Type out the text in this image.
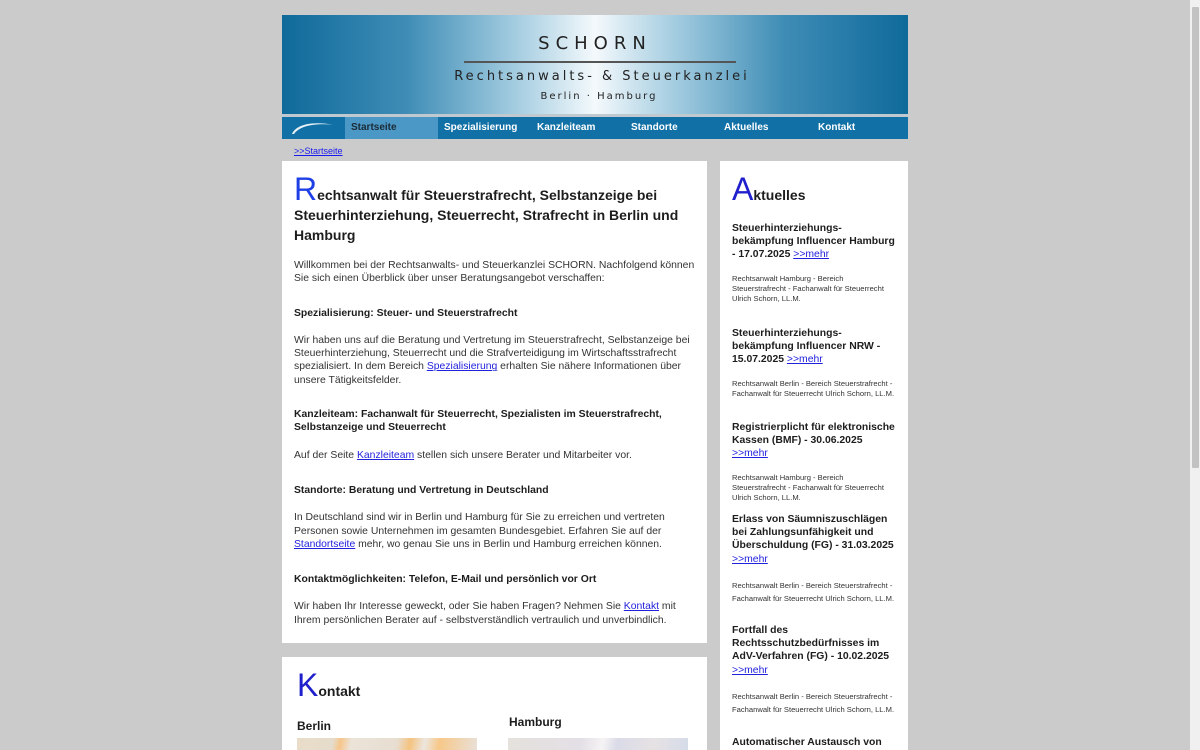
SCHORN
Rechtsanwalts- & Steuerkanzlei
Berlin · Hamburg
Startseite	Spezialisierung	Kanzleiteam	Standorte	Aktuelles	Kontakt
>>Startseite
Rechtsanwalt für Steuerstrafrecht, Selbstanzeige bei Steuerhinterziehung, Steuerrecht, Strafrecht in Berlin und Hamburg

Willkommen bei der Rechtsanwalts- und Steuerkanzlei SCHORN. Nachfolgend können Sie sich einen Überblick über unser Beratungsangebot verschaffen:

Spezialisierung: Steuer- und Steuerstrafrecht

Wir haben uns auf die Beratung und Vertretung im Steuerstrafrecht, Selbstanzeige bei Steuerhinterziehung, Steuerrecht und die Strafverteidigung im Wirtschaftsstrafrecht spezialisiert. In dem Bereich Spezialisierung erhalten Sie nähere Informationen über unsere Tätigkeitsfelder.

Kanzleiteam: Fachanwalt für Steuerrecht, Spezialisten im Steuerstrafrecht, Selbstanzeige und Steuerrecht

Auf der Seite Kanzleiteam stellen sich unsere Berater und Mitarbeiter vor.

Standorte: Beratung und Vertretung in Deutschland

In Deutschland sind wir in Berlin und Hamburg für Sie zu erreichen und vertreten Personen sowie Unternehmen im gesamten Bundesgebiet. Erfahren Sie auf der Standortseite mehr, wo genau Sie uns in Berlin und Hamburg erreichen können.

Kontaktmöglichkeiten: Telefon, E-Mail und persönlich vor Ort

Wir haben Ihr Interesse geweckt, oder Sie haben Fragen? Nehmen Sie Kontakt mit Ihrem persönlichen Berater auf - selbstverständlich vertraulich und unverbindlich.

Kontakt
Berlin	Hamburg
Aktuelles
Steuerhinterziehungs-bekämpfung Influencer Hamburg - 17.07.2025 >>mehr
Rechtsanwalt Hamburg - Bereich Steuerstrafrecht - Fachanwalt für Steuerrecht Ulrich Schorn, LL.M.
Steuerhinterziehungs-bekämpfung Influencer NRW - 15.07.2025 >>mehr
Rechtsanwalt Berlin - Bereich Steuerstrafrecht - Fachanwalt für Steuerrecht Ulrich Schorn, LL.M.
Registrierplicht für elektronische Kassen (BMF) - 30.06.2025 >>mehr
Rechtsanwalt Hamburg - Bereich Steuerstrafrecht - Fachanwalt für Steuerrecht Ulrich Schorn, LL.M.
Erlass von Säumniszuschlägen bei Zahlungsunfähigkeit und Überschuldung (FG) - 31.03.2025
>>mehr
Rechtsanwalt Berlin - Bereich Steuerstrafrecht - Fachanwalt für Steuerrecht Ulrich Schorn, LL.M.
Fortfall des Rechtsschutzbedürfnisses im AdV-Verfahren (FG) - 10.02.2025
>>mehr
Rechtsanwalt Berlin - Bereich Steuerstrafrecht - Fachanwalt für Steuerrecht Ulrich Schorn, LL.M.
Automatischer Austausch von
